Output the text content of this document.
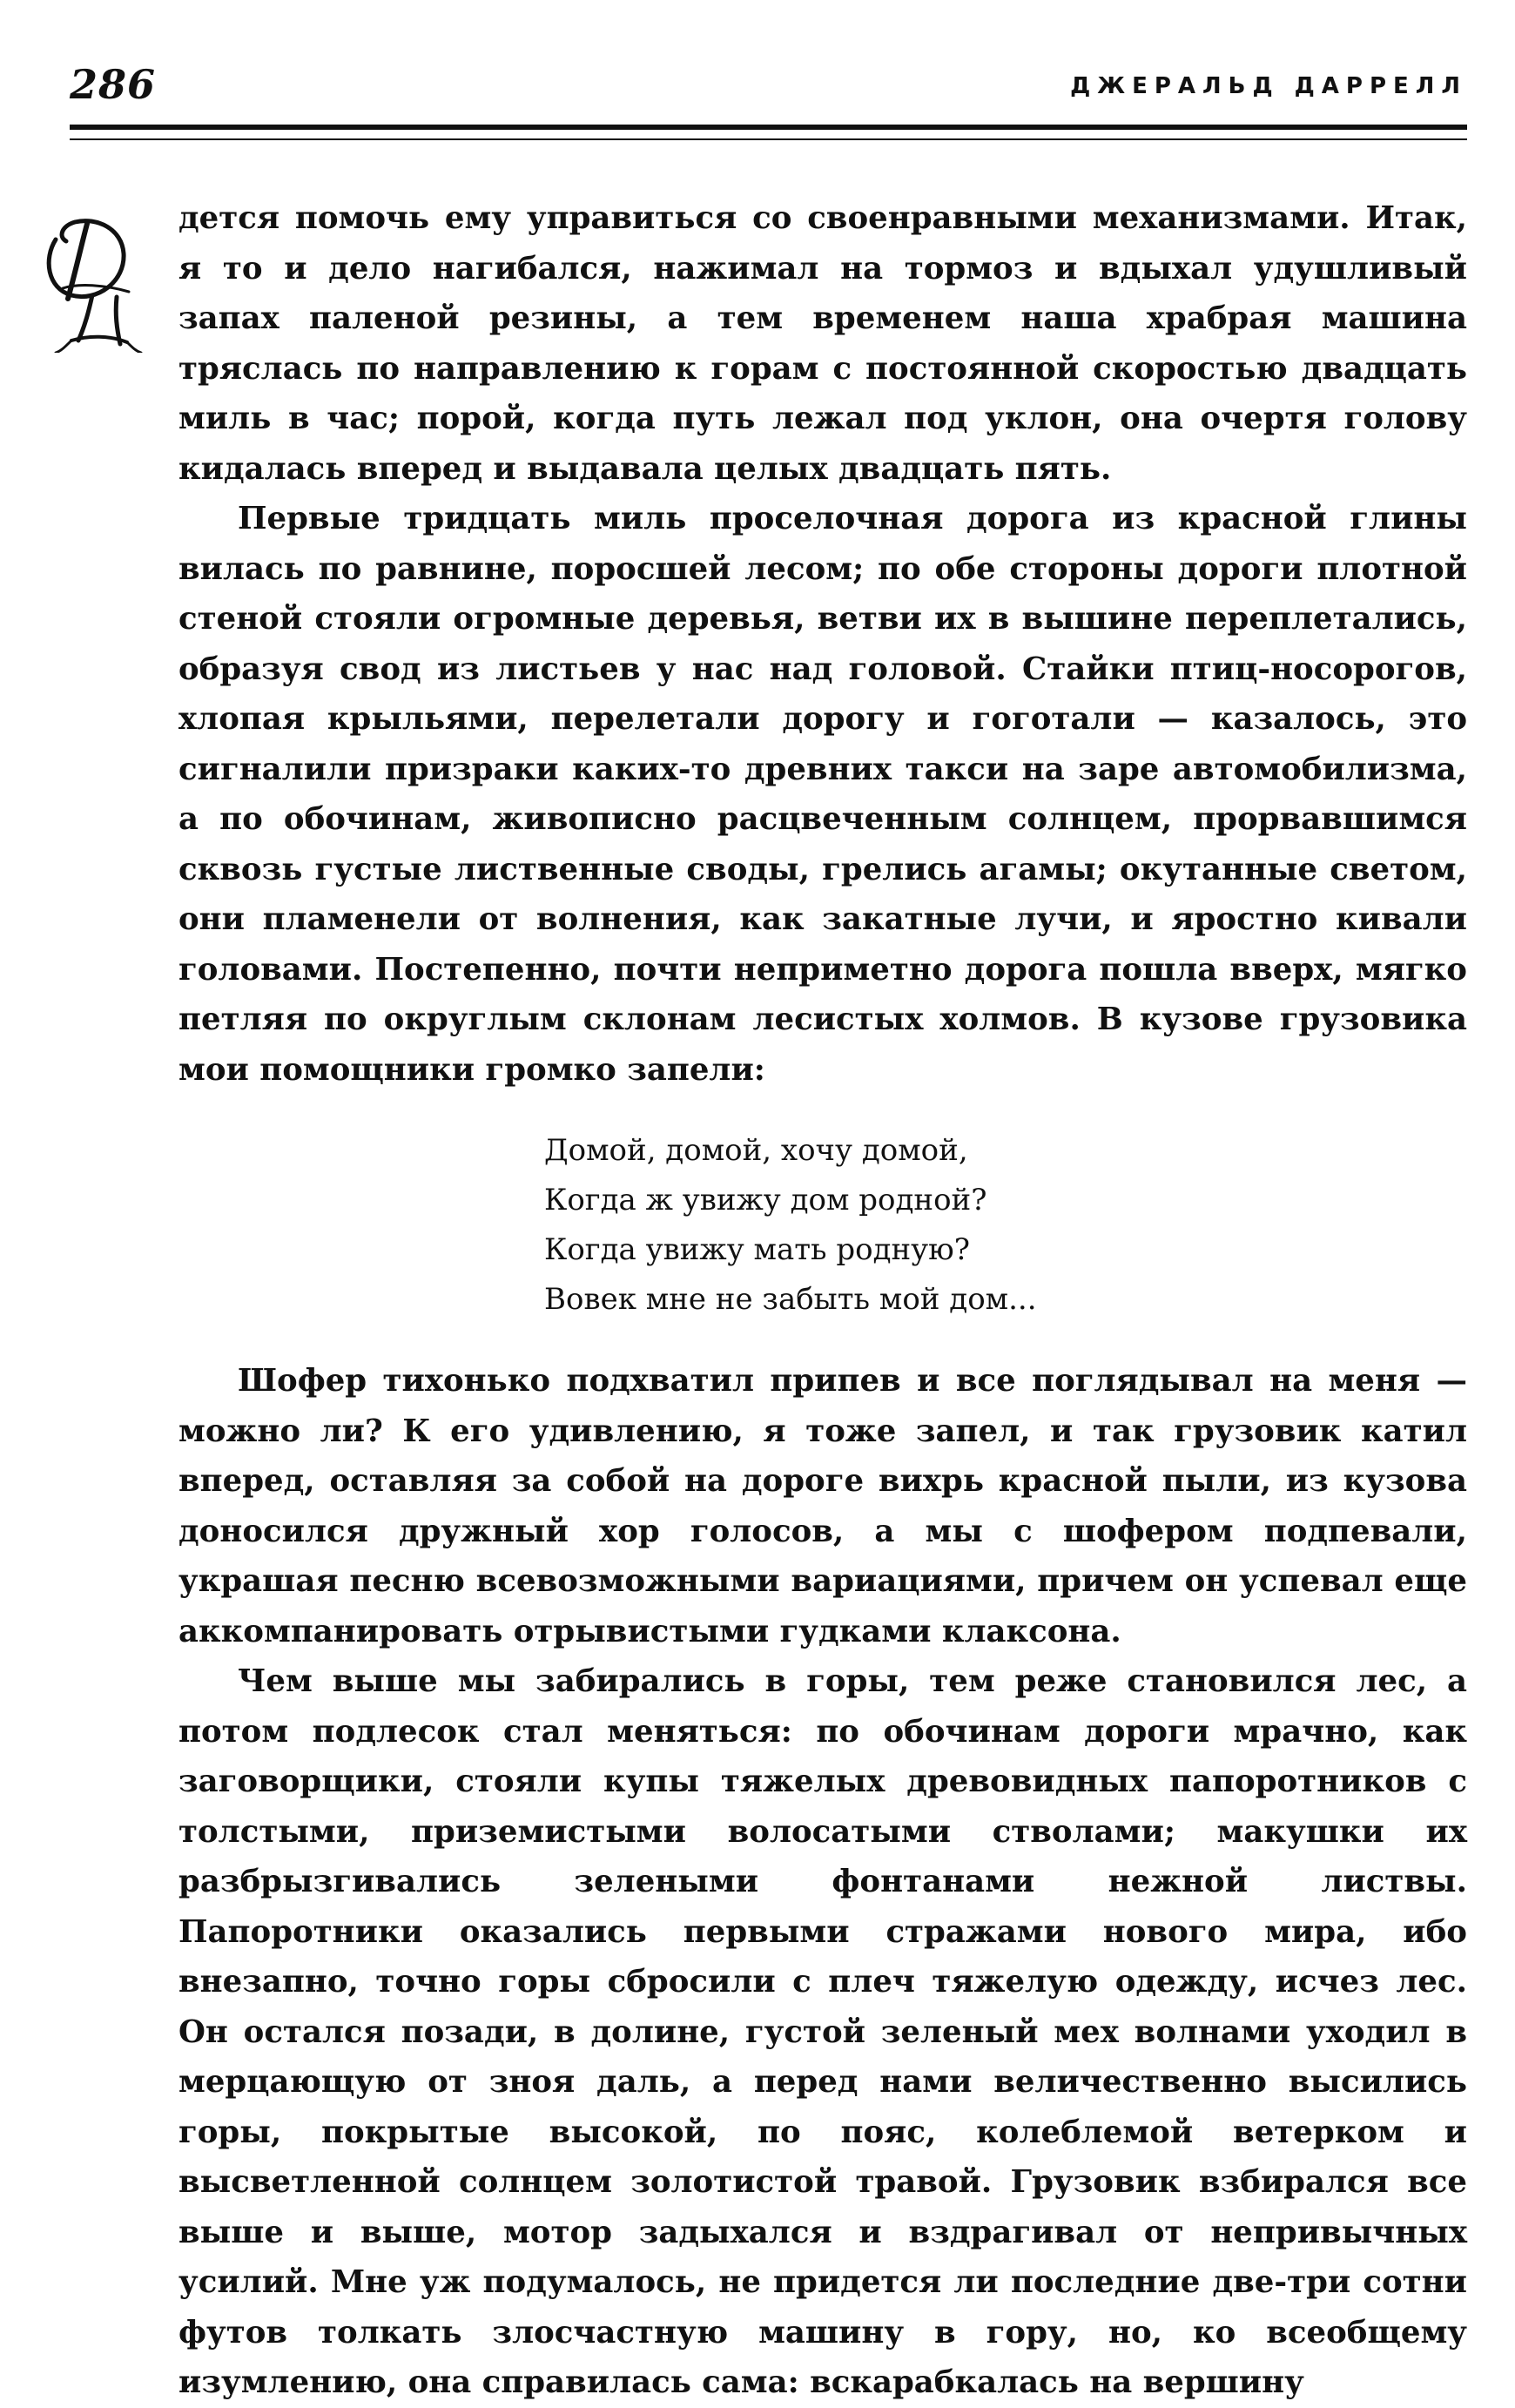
286	ДЖЕРАЛЬД ДАРРЕЛЛ

дется помочь ему управиться со своенравными механизмами. Итак, я то и дело нагибался, нажимал на тормоз и вдыхал удушливый запах паленой резины, а тем временем наша храбрая машина тряслась по направлению к горам с постоянной скоростью двадцать миль в час; порой, когда путь лежал под уклон, она очертя голову кидалась вперед и выдавала целых двадцать пять.

Первые тридцать миль проселочная дорога из красной глины вилась по равнине, поросшей лесом; по обе стороны дороги плотной стеной стояли огромные деревья, ветви их в вышине переплетались, образуя свод из листьев у нас над головой. Стайки птиц-носорогов, хлопая крыльями, перелетали дорогу и гоготали — казалось, это сигналили призраки каких-то древних такси на заре автомобилизма, а по обочинам, живописно расцвеченным солнцем, прорвавшимся сквозь густые лиственные своды, грелись агамы; окутанные светом, они пламенели от волнения, как закатные лучи, и яростно кивали головами. Постепенно, почти неприметно дорога пошла вверх, мягко петляя по округлым склонам лесистых холмов. В кузове грузовика мои помощники громко запели:

Домой, домой, хочу домой,
Когда ж увижу дом родной?
Когда увижу мать родную?
Вовек мне не забыть мой дом...

Шофер тихонько подхватил припев и все поглядывал на меня — можно ли? К его удивлению, я тоже запел, и так грузовик катил вперед, оставляя за собой на дороге вихрь красной пыли, из кузова доносился дружный хор голосов, а мы с шофером подпевали, украшая песню всевозможными вариациями, причем он успевал еще аккомпанировать отрывистыми гудками клаксона.

Чем выше мы забирались в горы, тем реже становился лес, а потом подлесок стал меняться: по обочинам дороги мрачно, как заговорщики, стояли купы тяжелых древовидных папоротников с толстыми, приземистыми волосатыми стволами; макушки их разбрызгивались зелеными фонтанами нежной листвы. Папоротники оказались первыми стражами нового мира, ибо внезапно, точно горы сбросили с плеч тяжелую одежду, исчез лес. Он остался позади, в долине, густой зеленый мех волнами уходил в мерцающую от зноя даль, а перед нами величественно высились горы, покрытые высокой, по пояс, колеблемой ветерком и высветленной солнцем золотистой травой. Грузовик взбирался все выше и выше, мотор задыхался и вздрагивал от непривычных усилий. Мне уж подумалось, не придется ли последние две-три сотни футов толкать злосчастную машину в гору, но, ко всеобщему изумлению, она справилась сама: вскарабкалась на вершину
